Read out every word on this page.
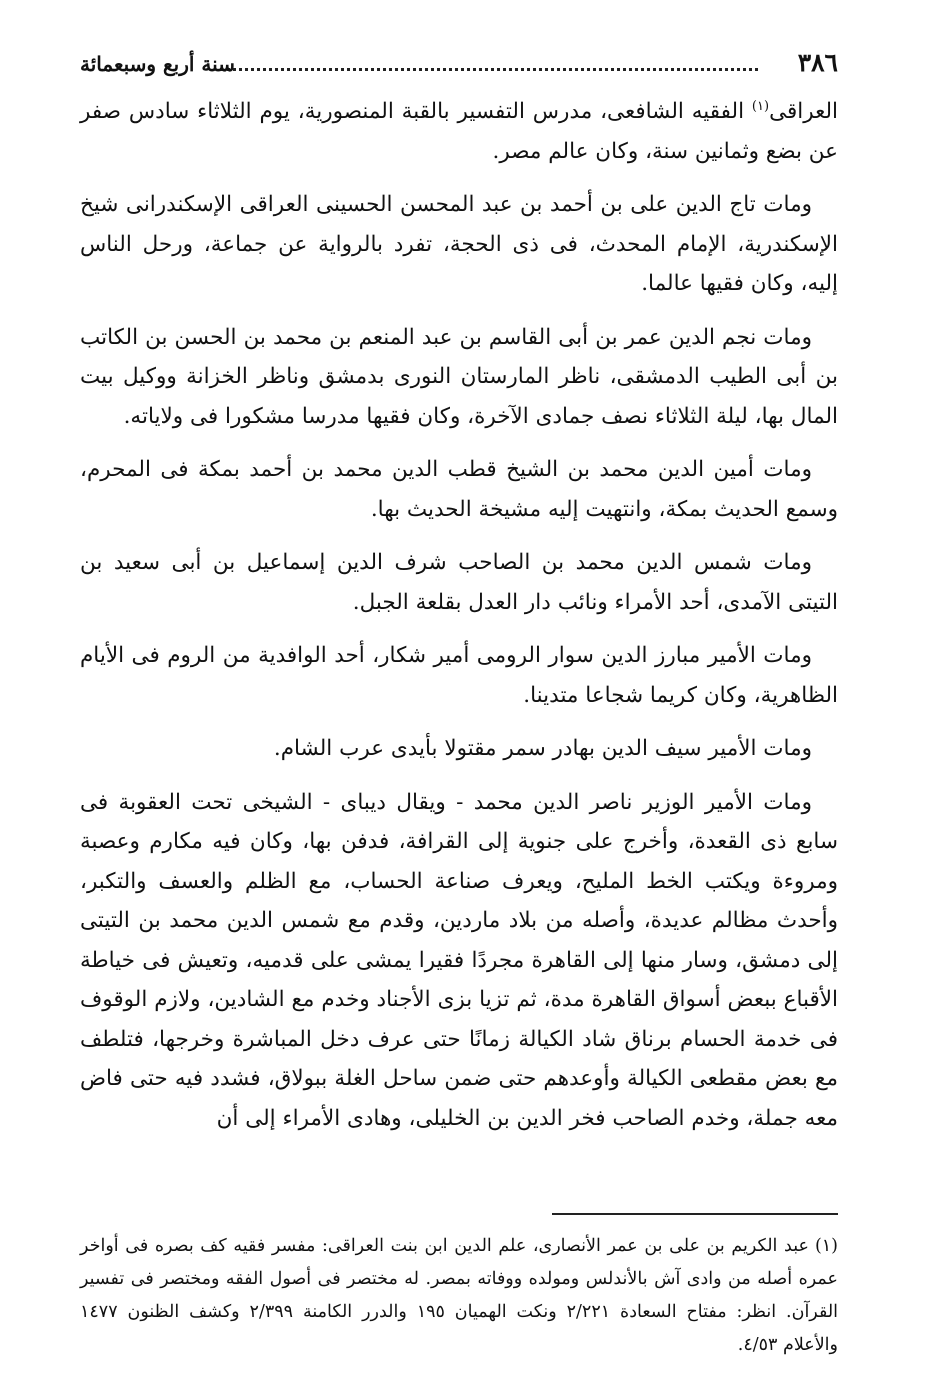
٣٨٦
سنة أربع وسبعمائة

العراقى$^{(١)}$ الفقيه الشافعى، مدرس التفسير بالقبة المنصورية، يوم الثلاثاء سادس صفر عن بضع وثمانين سنة، وكان عالم مصر.

ومات تاج الدين على بن أحمد بن عبد المحسن الحسينى العراقى الإسكندرانى شيخ الإسكندرية، الإمام المحدث، فى ذى الحجة، تفرد بالرواية عن جماعة، ورحل الناس إليه، وكان فقيها عالما.

ومات نجم الدين عمر بن أبى القاسم بن عبد المنعم بن محمد بن الحسن بن الكاتب بن أبى الطيب الدمشقى، ناظر المارستان النورى بدمشق وناظر الخزانة ووكيل بيت المال بها، ليلة الثلاثاء نصف جمادى الآخرة، وكان فقيها مدرسا مشكورا فى ولاياته.

ومات أمين الدين محمد بن الشيخ قطب الدين محمد بن أحمد بمكة فى المحرم، وسمع الحديث بمكة، وانتهيت إليه مشيخة الحديث بها.

ومات شمس الدين محمد بن الصاحب شرف الدين إسماعيل بن أبى سعيد بن التيتى الآمدى، أحد الأمراء ونائب دار العدل بقلعة الجبل.

ومات الأمير مبارز الدين سوار الرومى أمير شكار، أحد الوافدية من الروم فى الأيام الظاهرية، وكان كريما شجاعا متدينا.

ومات الأمير سيف الدين بهادر سمر مقتولا بأيدى عرب الشام.

ومات الأمير الوزير ناصر الدين محمد - ويقال ديباى - الشيخى تحت العقوبة فى سابع ذى القعدة، وأخرج على جنوية إلى القرافة، فدفن بها، وكان فيه مكارم وعصبة ومروءة ويكتب الخط المليح، ويعرف صناعة الحساب، مع الظلم والعسف والتكبر، وأحدث مظالم عديدة، وأصله من بلاد ماردين، وقدم مع شمس الدين محمد بن التيتى إلى دمشق، وسار منها إلى القاهرة مجردًا فقيرا يمشى على قدميه، وتعيش فى خياطة الأقباع ببعض أسواق القاهرة مدة، ثم تزيا بزى الأجناد وخدم مع الشادين، ولازم الوقوف فى خدمة الحسام برناق شاد الكيالة زمانًا حتى عرف دخل المباشرة وخرجها، فتلطف مع بعض مقطعى الكيالة وأوعدهم حتى ضمن ساحل الغلة ببولاق، فشدد فيه حتى فاض معه جملة، وخدم الصاحب فخر الدين بن الخليلى، وهادى الأمراء إلى أن

(١)عبد الكريم بن على بن عمر الأنصارى، علم الدين ابن بنت العراقى: مفسر فقيه كف بصره فى أواخر عمره أصله من وادى آش بالأندلس ومولده ووفاته بمصر. له مختصر فى أصول الفقه ومختصر فى تفسير القرآن. انظر: مفتاح السعادة ٢/٢٢١ ونكت الهميان ١٩٥ والدرر الكامنة ٢/٣٩٩ وكشف الظنون ١٤٧٧ والأعلام ٤/٥٣.
